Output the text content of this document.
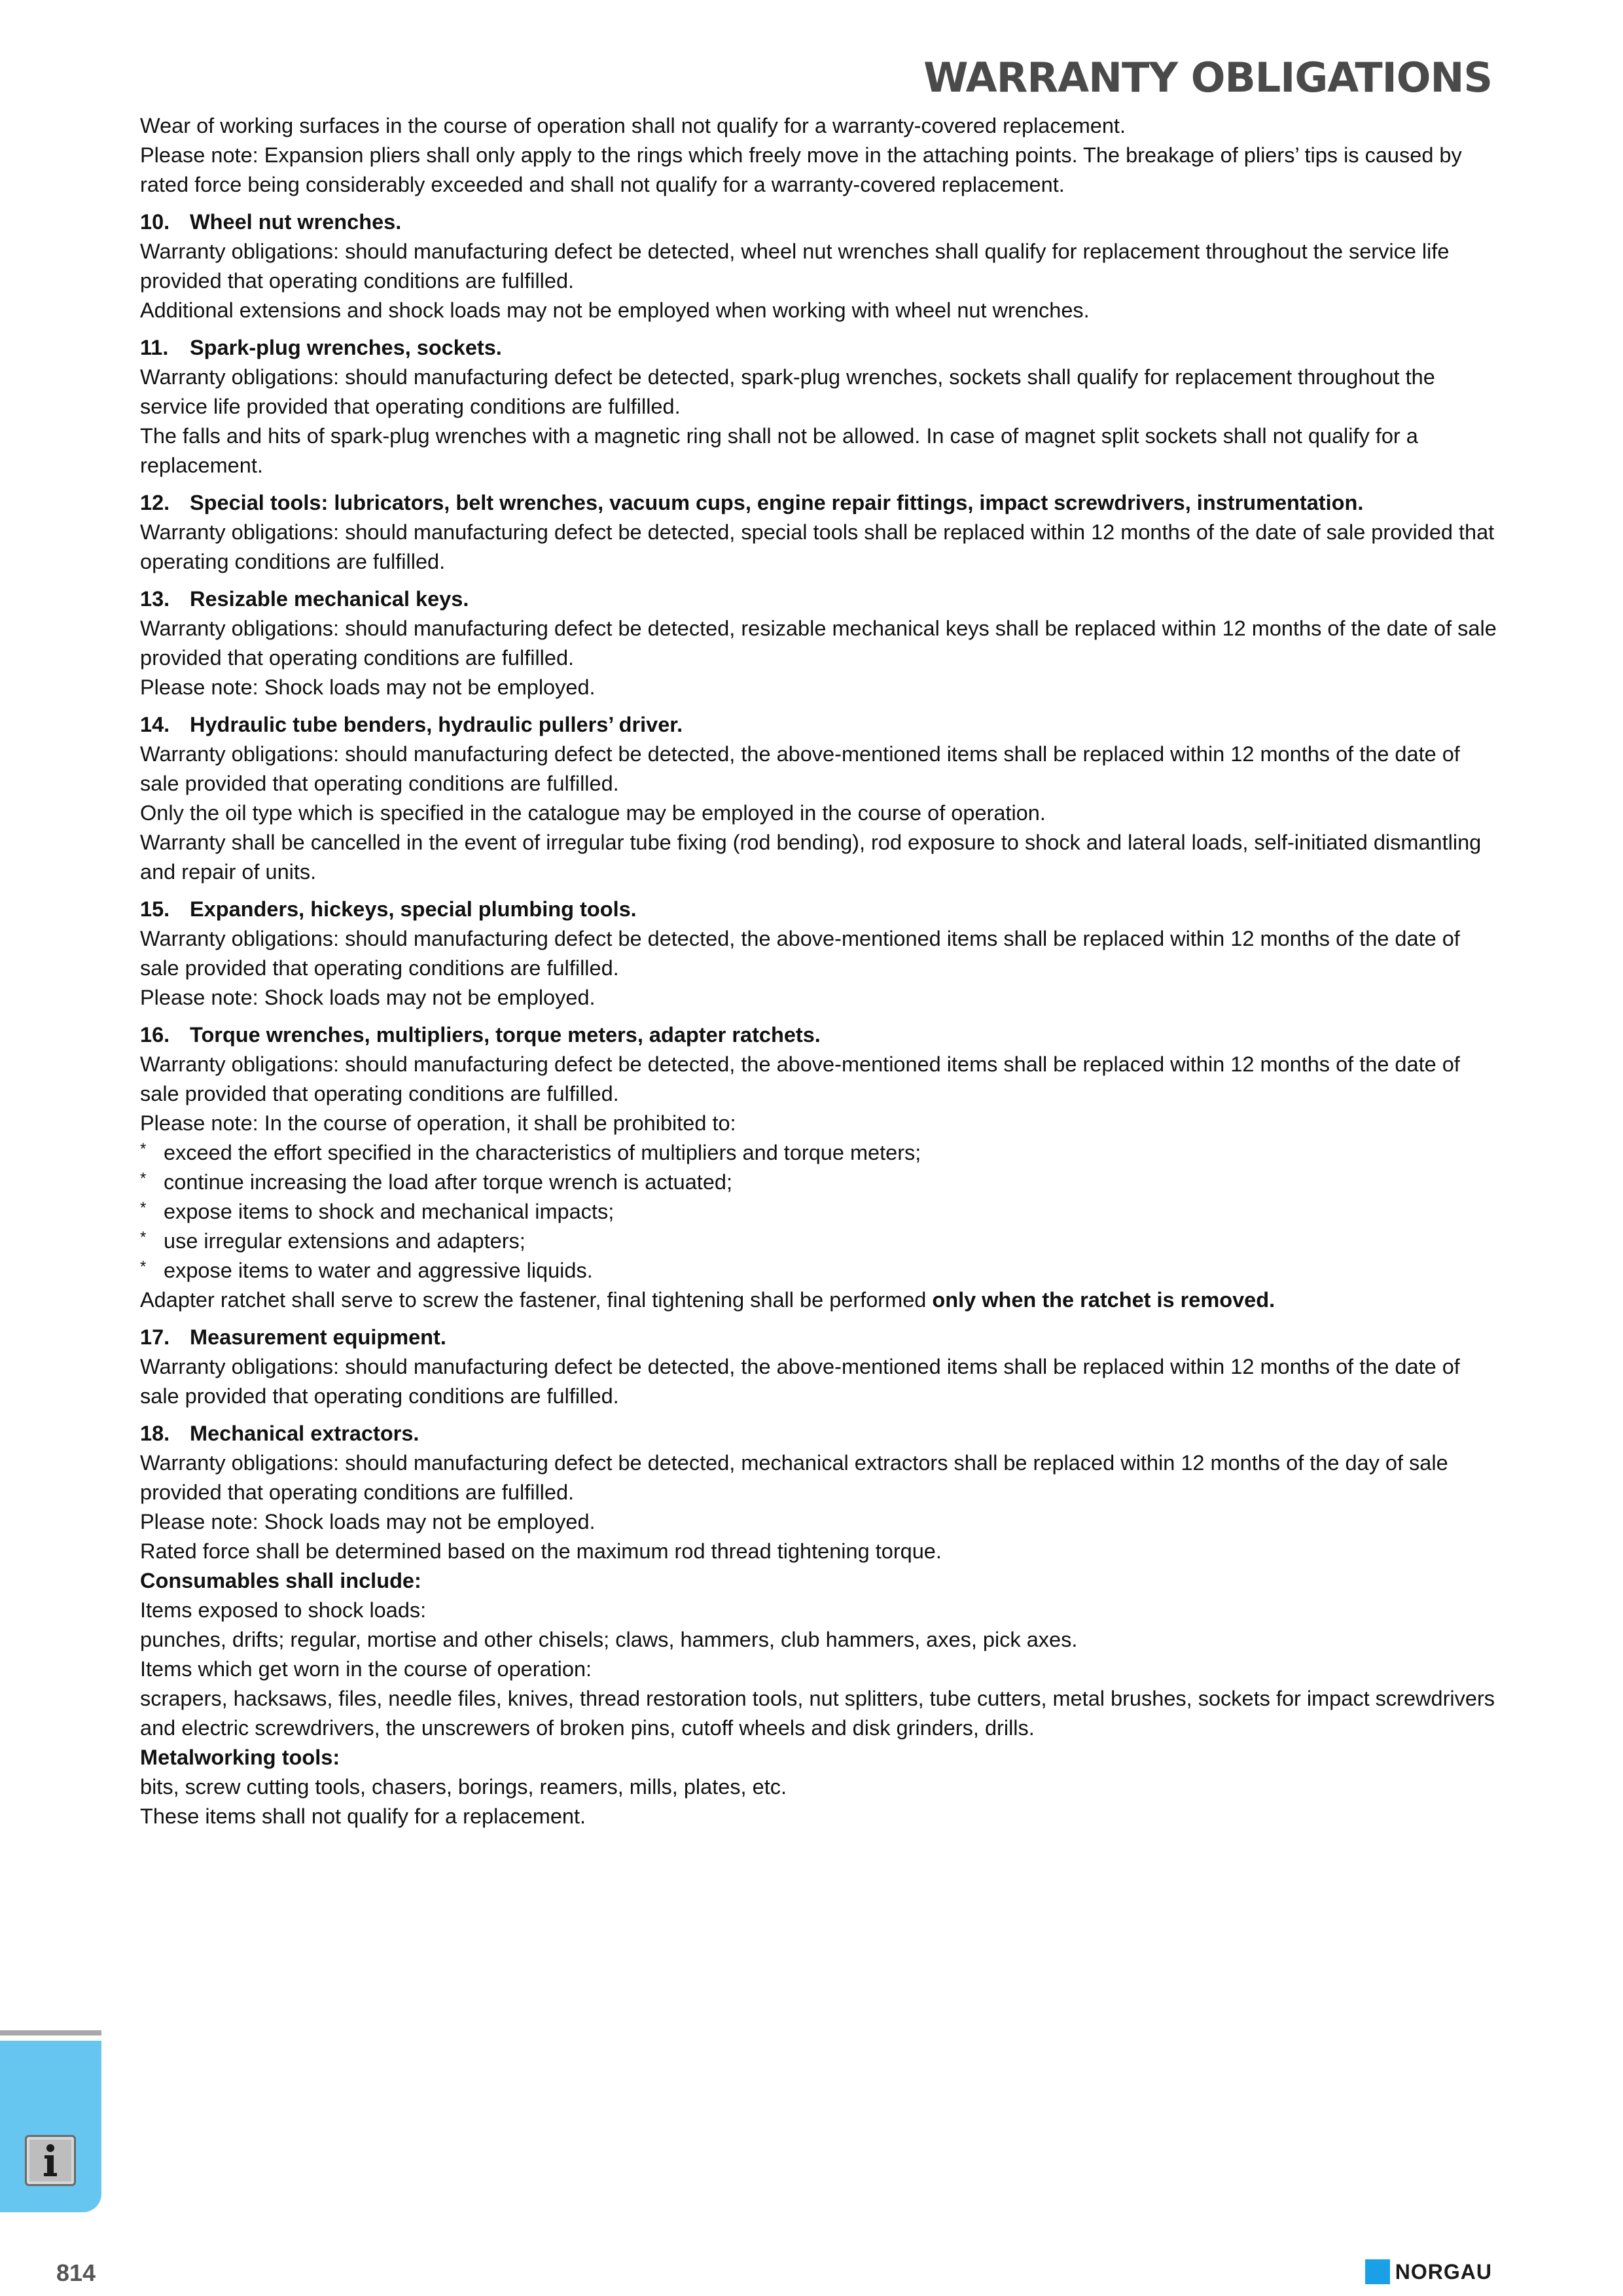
WARRANTY OBLIGATIONS

Wear of working surfaces in the course of operation shall not qualify for a warranty-covered replacement.

Please note: Expansion pliers shall only apply to the rings which freely move in the attaching points. The breakage of pliers’ tips is caused by rated force being considerably exceeded and shall not qualify for a warranty-covered replacement.

10. Wheel nut wrenches.

Warranty obligations: should manufacturing defect be detected, wheel nut wrenches shall qualify for replacement throughout the service life provided that operating conditions are fulfilled.

Additional extensions and shock loads may not be employed when working with wheel nut wrenches.

11. Spark-plug wrenches, sockets.

Warranty obligations: should manufacturing defect be detected, spark-plug wrenches, sockets shall qualify for replacement throughout the service life provided that operating conditions are fulfilled.

The falls and hits of spark-plug wrenches with a magnetic ring shall not be allowed. In case of magnet split sockets shall not qualify for a replacement.

12. Special tools: lubricators, belt wrenches, vacuum cups, engine repair fittings, impact screwdrivers, instrumentation.

Warranty obligations: should manufacturing defect be detected, special tools shall be replaced within 12 months of the date of sale provided that operating conditions are fulfilled.

13. Resizable mechanical keys.

Warranty obligations: should manufacturing defect be detected, resizable mechanical keys shall be replaced within 12 months of the date of sale provided that operating conditions are fulfilled.

Please note: Shock loads may not be employed.

14. Hydraulic tube benders, hydraulic pullers’ driver.

Warranty obligations: should manufacturing defect be detected, the above-mentioned items shall be replaced within 12 months of the date of sale provided that operating conditions are fulfilled.

Only the oil type which is specified in the catalogue may be employed in the course of operation.

Warranty shall be cancelled in the event of irregular tube fixing (rod bending), rod exposure to shock and lateral loads, self-initiated dismantling and repair of units.

15. Expanders, hickeys, special plumbing tools.

Warranty obligations: should manufacturing defect be detected, the above-mentioned items shall be replaced within 12 months of the date of sale provided that operating conditions are fulfilled.

Please note: Shock loads may not be employed.

16. Torque wrenches, multipliers, torque meters, adapter ratchets.

Warranty obligations: should manufacturing defect be detected, the above-mentioned items shall be replaced within 12 months of the date of sale provided that operating conditions are fulfilled.

Please note: In the course of operation, it shall be prohibited to:

* exceed the effort specified in the characteristics of multipliers and torque meters;
* continue increasing the load after torque wrench is actuated;
* expose items to shock and mechanical impacts;
* use irregular extensions and adapters;
* expose items to water and aggressive liquids.

Adapter ratchet shall serve to screw the fastener, final tightening shall be performed only when the ratchet is removed.

17. Measurement equipment.

Warranty obligations: should manufacturing defect be detected, the above-mentioned items shall be replaced within 12 months of the date of sale provided that operating conditions are fulfilled.

18. Mechanical extractors.

Warranty obligations: should manufacturing defect be detected, mechanical extractors shall be replaced within 12 months of the day of sale provided that operating conditions are fulfilled.

Please note: Shock loads may not be employed.

Rated force shall be determined based on the maximum rod thread tightening torque.

Consumables shall include:

Items exposed to shock loads:

punches, drifts; regular, mortise and other chisels; claws, hammers, club hammers, axes, pick axes.

Items which get worn in the course of operation:

scrapers, hacksaws, files, needle files, knives, thread restoration tools, nut splitters, tube cutters, metal brushes, sockets for impact screwdrivers and electric screwdrivers, the unscrewers of broken pins, cutoff wheels and disk grinders, drills.

Metalworking tools:

bits, screw cutting tools, chasers, borings, reamers, mills, plates, etc.

These items shall not qualify for a replacement.

814	NORGAU
